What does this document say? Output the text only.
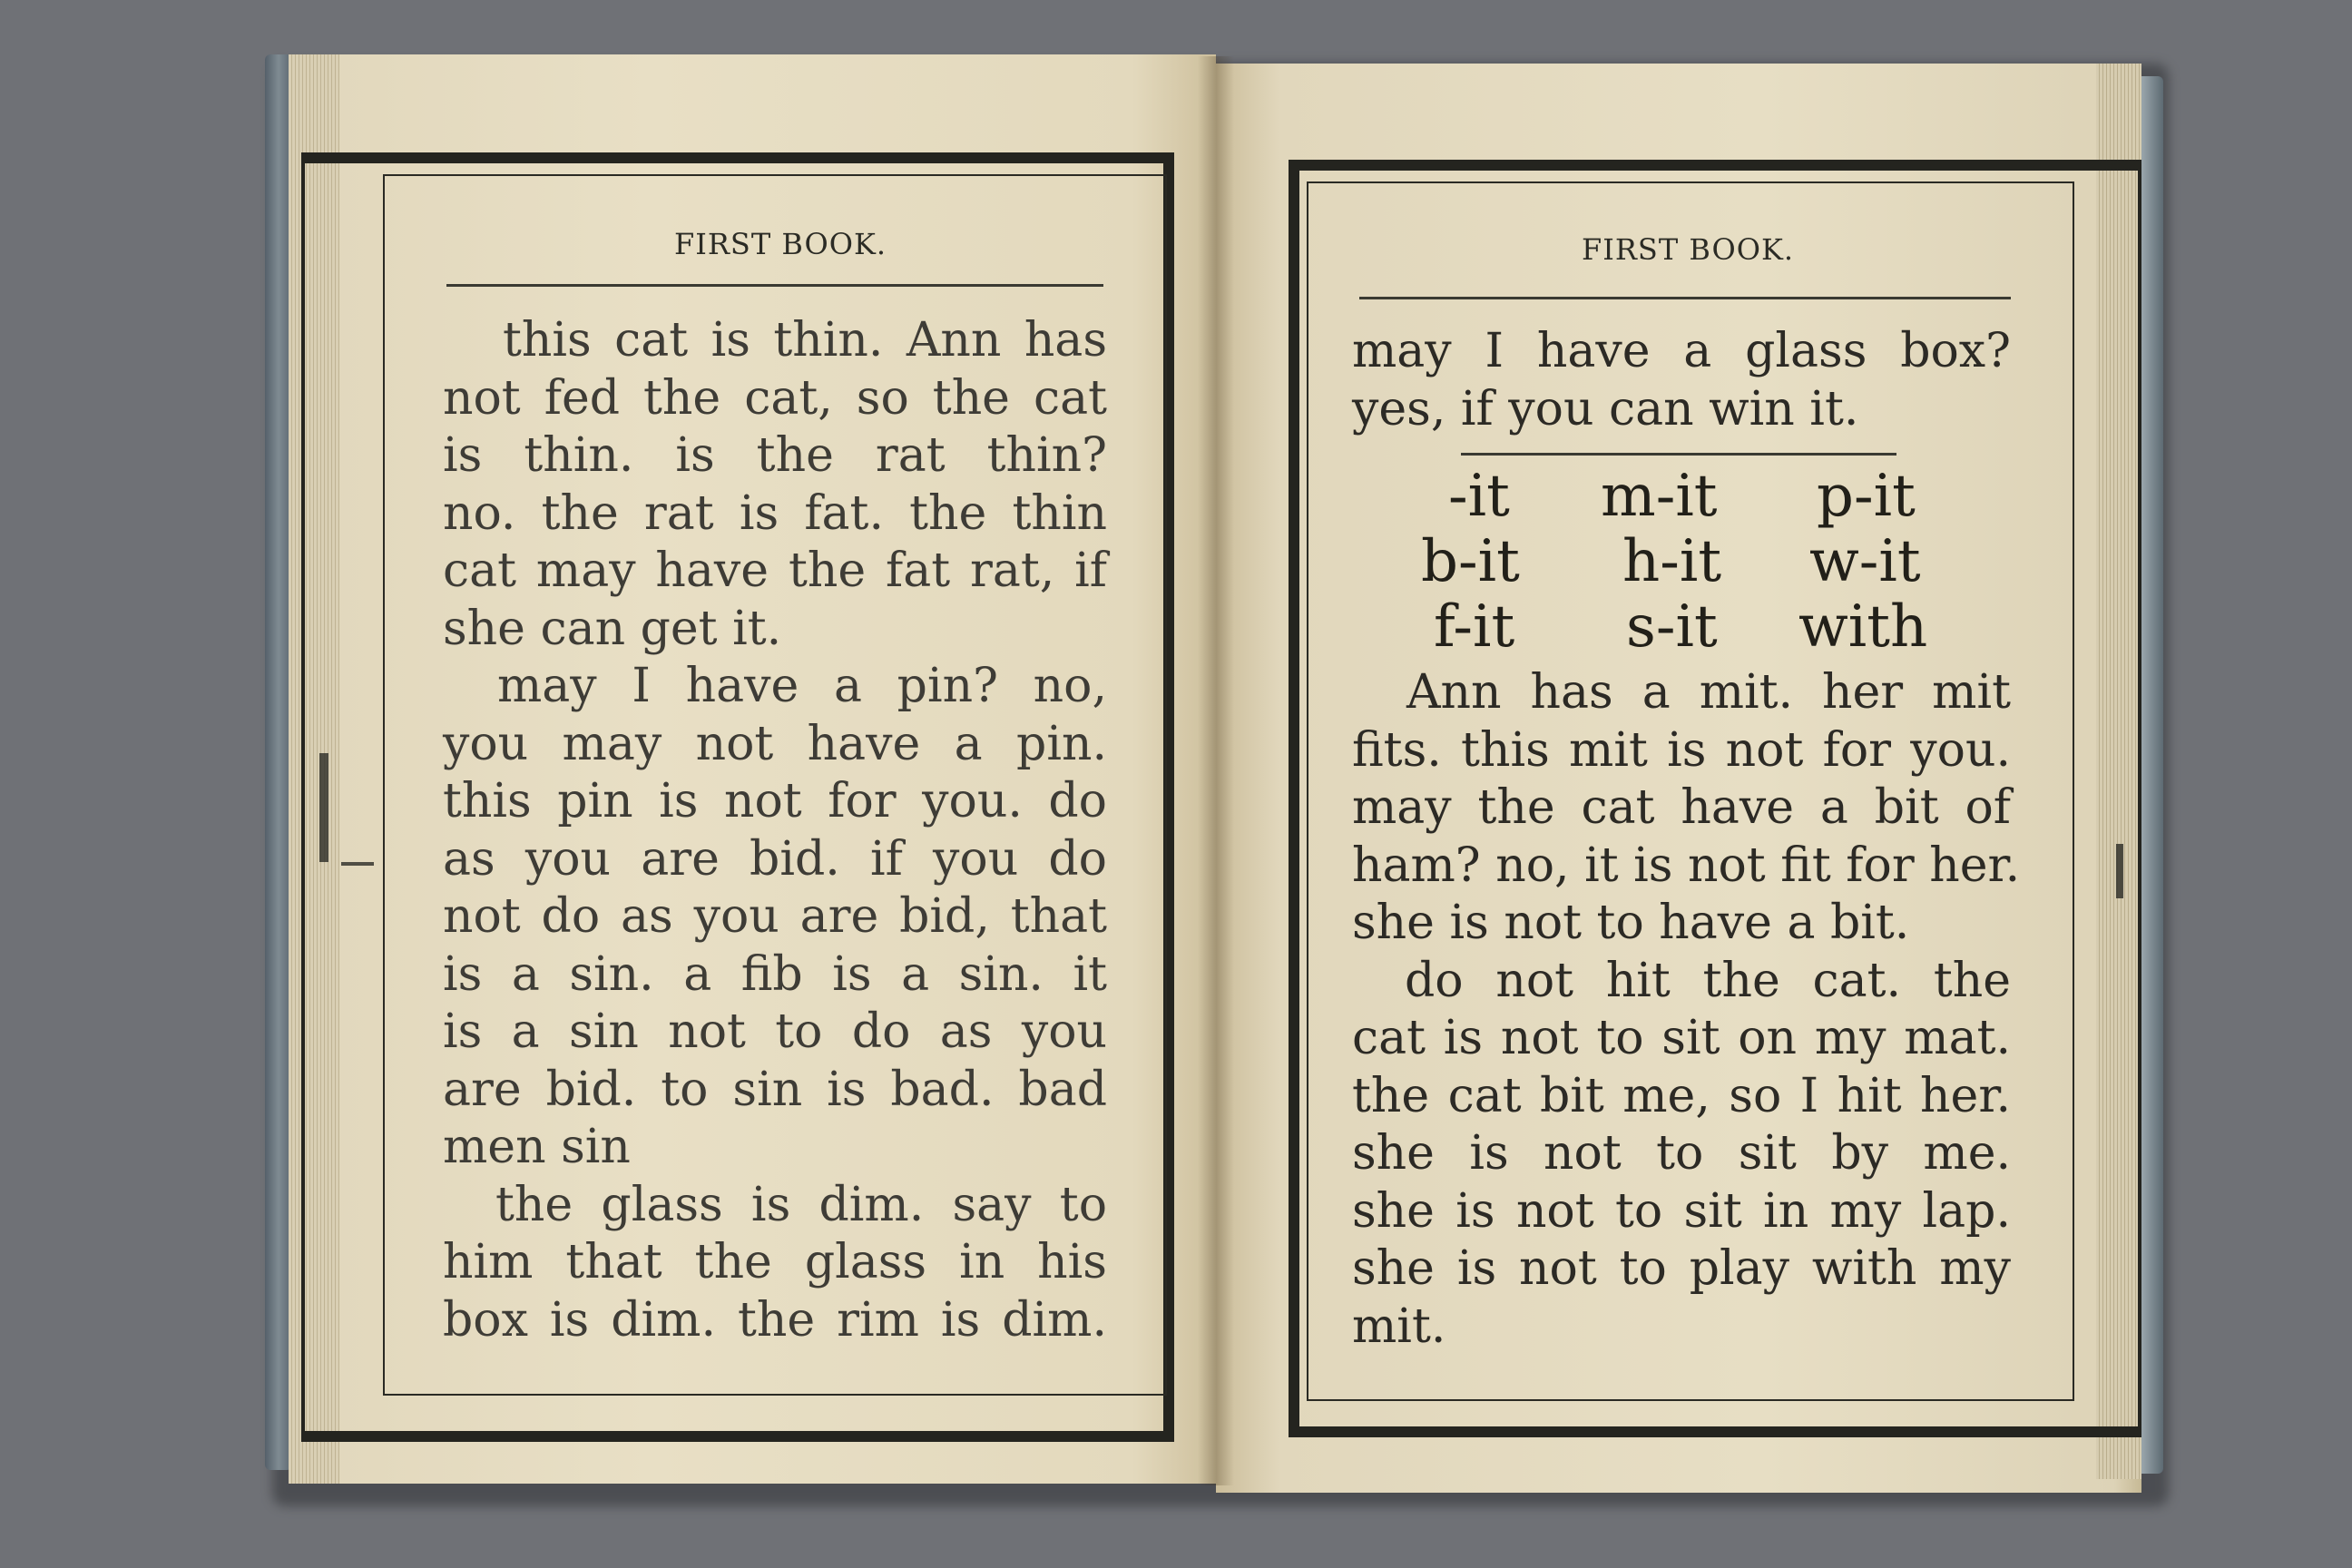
FIRST BOOK.
this cat is thin. Ann has
not fed the cat, so the cat
is thin. is the rat thin?
no. the rat is fat. the thin
cat may have the fat rat, if
she can get it.
may I have a pin? no,
you may not have a pin.
this pin is not for you. do
as you are bid. if you do
not do as you are bid, that
is a sin. a fib is a sin. it
is a sin not to do as you
are bid. to sin is bad. bad
men sin
the glass is dim. say to
him that the glass in his
box is dim. the rim is dim.
FIRST BOOK.
may I have a glass box?
yes, if you can win it.
-it m-it p-it
b-it h-it w-it
f-it s-it with
Ann has a mit. her mit
fits. this mit is not for you.
may the cat have a bit of
ham? no, it is not fit for her.
she is not to have a bit.
do not hit the cat. the
cat is not to sit on my mat.
the cat bit me, so I hit her.
she is not to sit by me.
she is not to sit in my lap.
she is not to play with my
mit.
